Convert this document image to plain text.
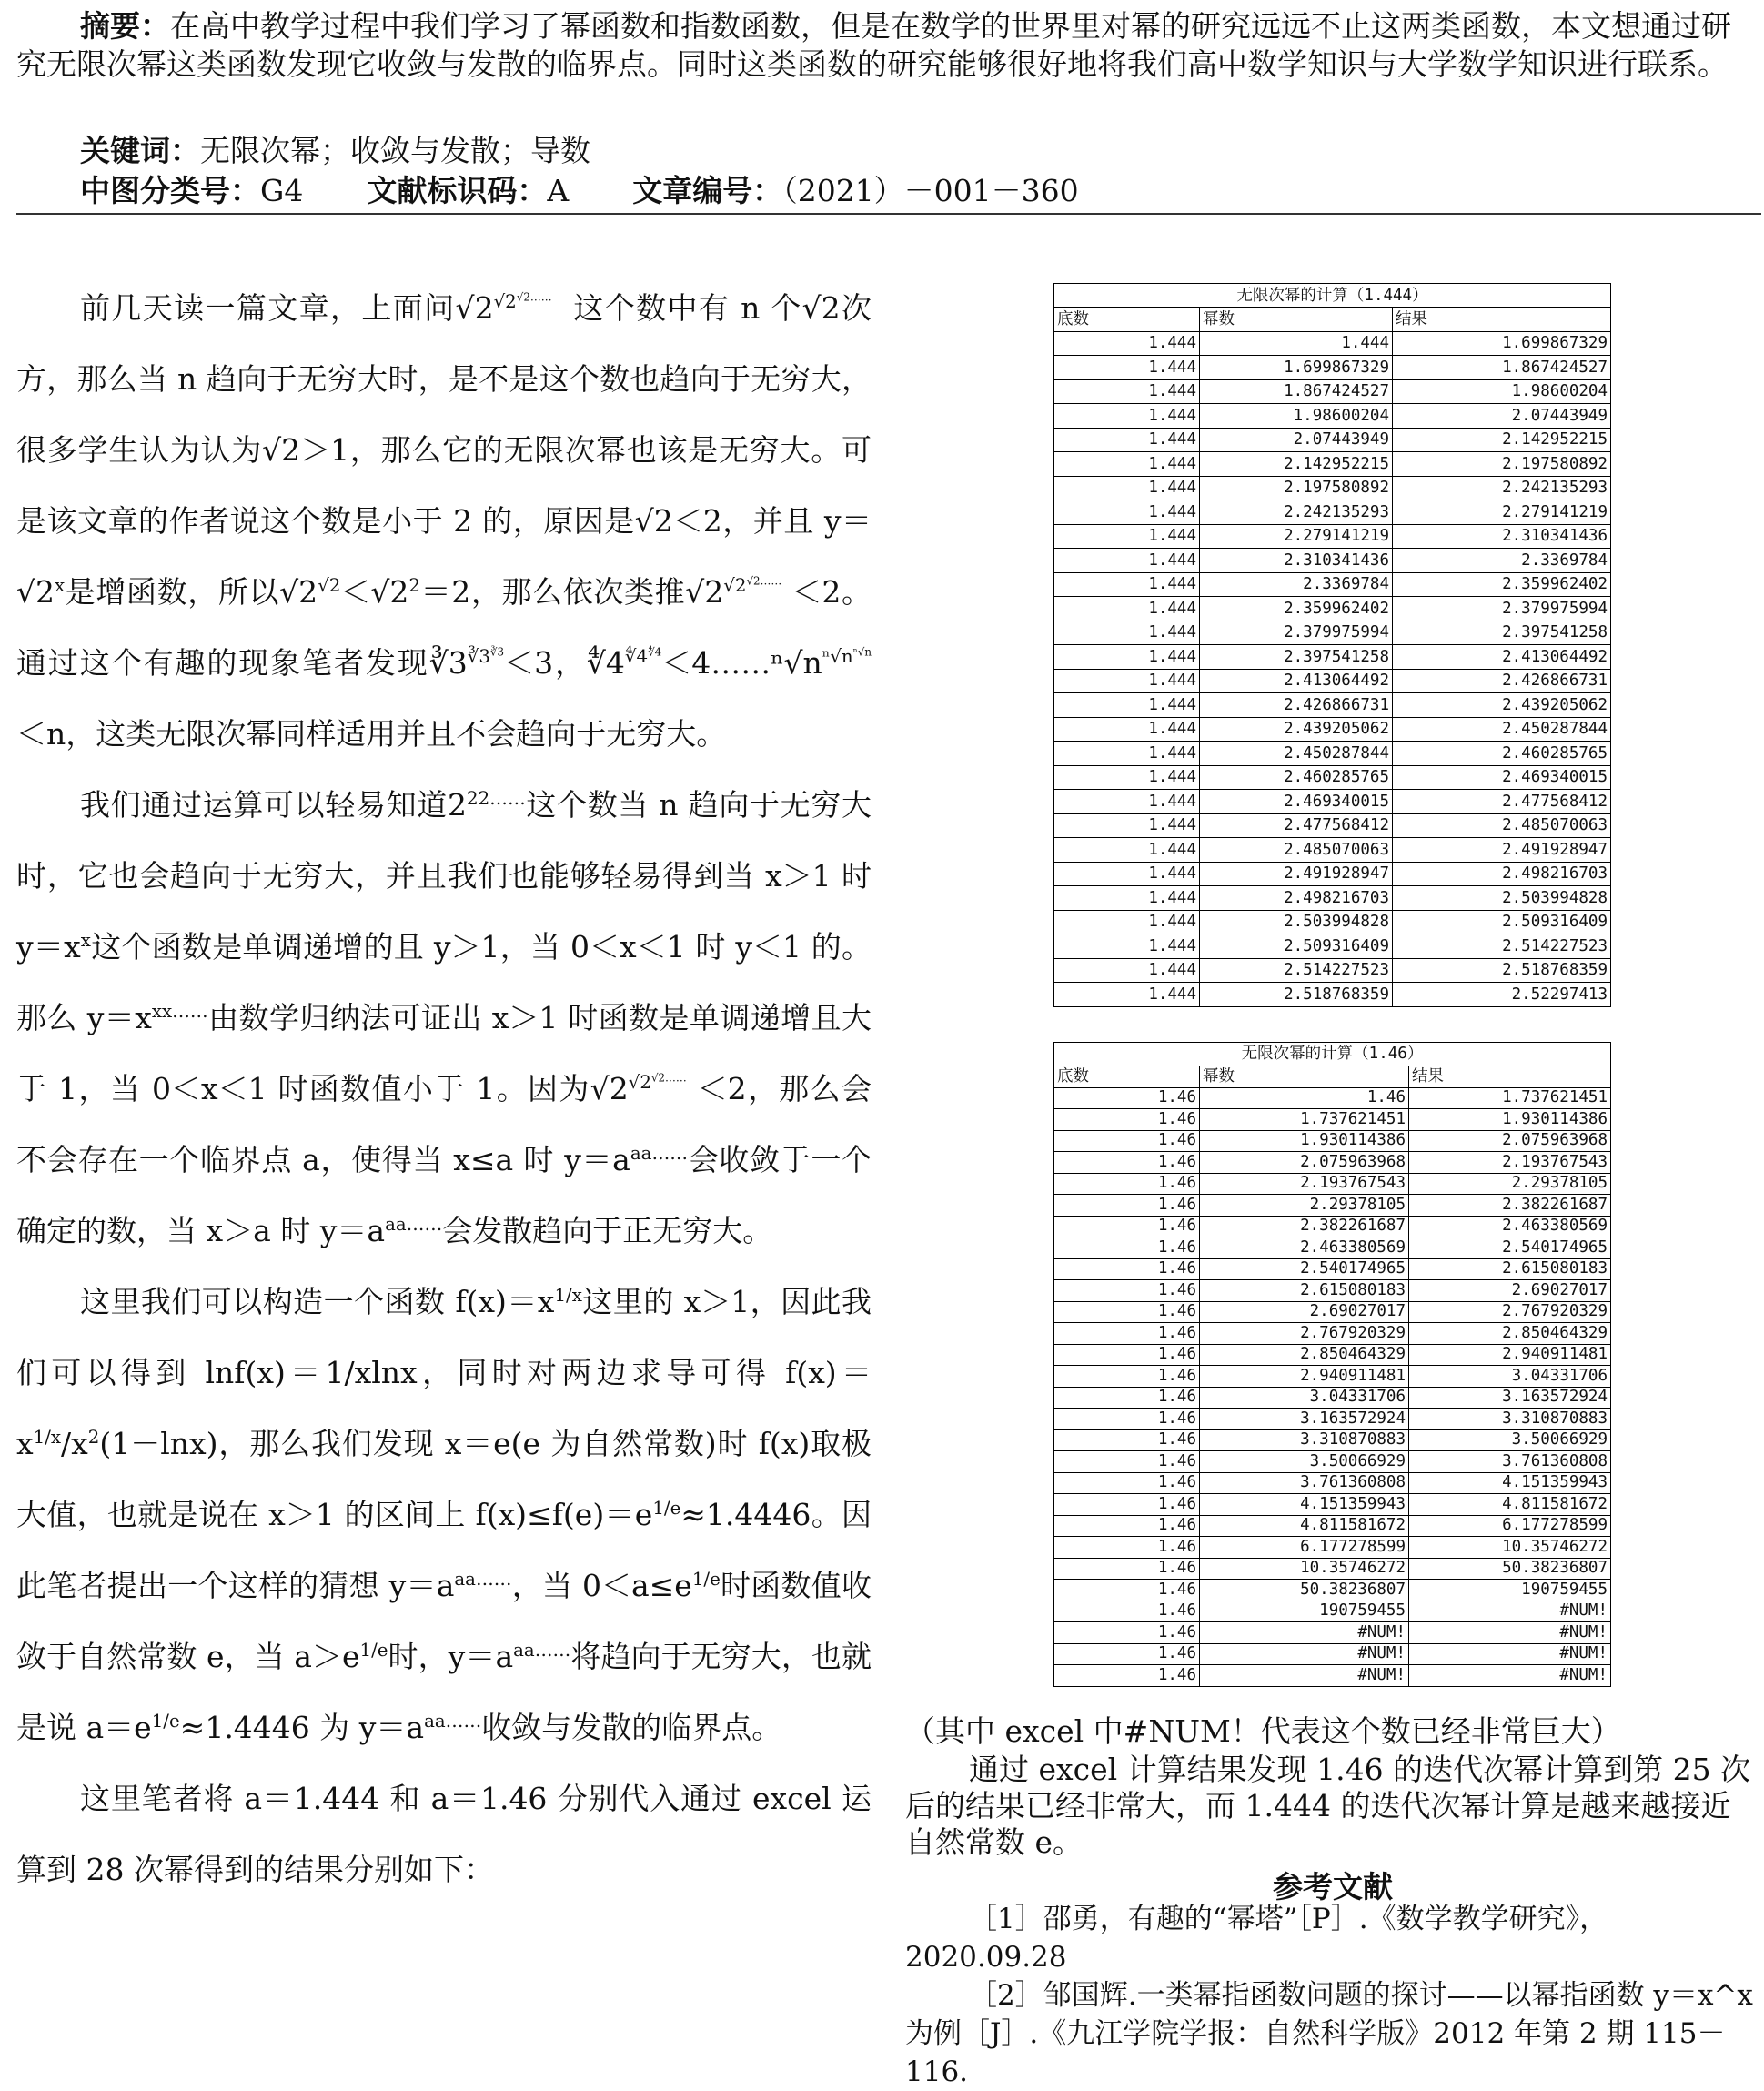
摘要：在高中教学过程中我们学习了幂函数和指数函数，但是在数学的世界里对幂的研究远远不止这两类函数，本文想通过研究无限次幂这类函数发现它收敛与发散的临界点。同时这类函数的研究能够很好地将我们高中数学知识与大学数学知识进行联系。
关键词：无限次幂；收敛与发散；导数
中图分类号：G4 文献标识码：A 文章编号：（2021）－001－360

前几天读一篇文章，上面问$√2^{√2^{√2\dots\dots}}$ 这个数中有 n 个√2次方，那么当 n 趋向于无穷大时，是不是这个数也趋向于无穷大，很多学生认为认为√2＞1，那么它的无限次幂也该是无穷大。可是该文章的作者说这个数是小于 2 的，原因是√2＜2，并且 $y=√2^x$是增函数，所以$√2^{√2}<√2^2=2$，那么依次类推$√2^{√2^{√2\dots\dots}} <2$。通过这个有趣的现象笔者发现$∛3^{∛3^{∛3}}<3$，$∜4^{∜4^{∜4}}<4\dots\dots^n√n^{^n√n^{^n√n}}<n$，这类无限次幂同样适用并且不会趋向于无穷大。

我们通过运算可以轻易知道$2^{22\dots\dots}$这个数当 n 趋向于无穷大时，它也会趋向于无穷大，并且我们也能够轻易得到当 x＞1 时 $y=x^x$这个函数是单调递增的且 y＞1，当 0＜x＜1 时 y＜1 的。那么 $y=x^{xx\dots\dots}$由数学归纳法可证出 x＞1 时函数是单调递增且大于 1，当 0＜x＜1 时函数值小于 1。因为$√2^{√2^{√2\dots\dots}} <2$，那么会不会存在一个临界点 a，使得当 x≤a 时 $y=a^{aa\dots\dots}$会收敛于一个确定的数，当 x＞a 时 $y=a^{aa\dots\dots}$会发散趋向于正无穷大。

这里我们可以构造一个函数 $f(x)=x^{1/x}$这里的 x＞1，因此我们可以得到 lnf(x)＝1/xlnx，同时对两边求导可得 $f(x)=x^{1/x}/x^2(1-\ln x)$，那么我们发现 x＝e(e 为自然常数)时 f(x)取极大值，也就是说在 x＞1 的区间上 $f(x)\le f(e)=e^{1/e}\approx 1.4446$。因此笔者提出一个这样的猜想 $y=a^{aa\dots\dots}$，当 $0<a\le e^{1/e}$时函数值收敛于自然常数 e，当 $a>e^{1/e}$时，$y=a^{aa\dots\dots}$将趋向于无穷大，也就是说 $a=e^{1/e}\approx 1.4446$ 为 $y=a^{aa\dots\dots}$收敛与发散的临界点。

这里笔者将 a＝1.444 和 a＝1.46 分别代入通过 excel 运算到 28 次幂得到的结果分别如下：

无限次幂的计算（1.444）		
底数	幂数	结果
1.444	1.444	1.699867329
1.444	1.699867329	1.867424527
1.444	1.867424527	1.98600204
1.444	1.98600204	2.07443949
1.444	2.07443949	2.142952215
1.444	2.142952215	2.197580892
1.444	2.197580892	2.242135293
1.444	2.242135293	2.279141219
1.444	2.279141219	2.310341436
1.444	2.310341436	2.3369784
1.444	2.3369784	2.359962402
1.444	2.359962402	2.379975994
1.444	2.379975994	2.397541258
1.444	2.397541258	2.413064492
1.444	2.413064492	2.426866731
1.444	2.426866731	2.439205062
1.444	2.439205062	2.450287844
1.444	2.450287844	2.460285765
1.444	2.460285765	2.469340015
1.444	2.469340015	2.477568412
1.444	2.477568412	2.485070063
1.444	2.485070063	2.491928947
1.444	2.491928947	2.498216703
1.444	2.498216703	2.503994828
1.444	2.503994828	2.509316409
1.444	2.509316409	2.514227523
1.444	2.514227523	2.518768359
1.444	2.518768359	2.52297413
无限次幂的计算（1.46）		
底数	幂数	结果
1.46	1.46	1.737621451
1.46	1.737621451	1.930114386
1.46	1.930114386	2.075963968
1.46	2.075963968	2.193767543
1.46	2.193767543	2.29378105
1.46	2.29378105	2.382261687
1.46	2.382261687	2.463380569
1.46	2.463380569	2.540174965
1.46	2.540174965	2.615080183
1.46	2.615080183	2.69027017
1.46	2.69027017	2.767920329
1.46	2.767920329	2.850464329
1.46	2.850464329	2.940911481
1.46	2.940911481	3.04331706
1.46	3.04331706	3.163572924
1.46	3.163572924	3.310870883
1.46	3.310870883	3.50066929
1.46	3.50066929	3.761360808
1.46	3.761360808	4.151359943
1.46	4.151359943	4.811581672
1.46	4.811581672	6.177278599
1.46	6.177278599	10.35746272
1.46	10.35746272	50.38236807
1.46	50.38236807	190759455
1.46	190759455	#NUM!
1.46	#NUM!	#NUM!
1.46	#NUM!	#NUM!
1.46	#NUM!	#NUM!
（其中 excel 中#NUM！代表这个数已经非常巨大）
通过 excel 计算结果发现 1.46 的迭代次幂计算到第 25 次后的结果已经非常大，而 1.444 的迭代次幂计算是越来越接近自然常数 e。
参考文献
［1］邵勇，有趣的“幂塔”［P］.《数学教学研究》，2020.09.28
［2］邹国辉.一类幂指函数问题的探讨——以幂指函数 y＝x^x 为例［J］.《九江学院学报：自然科学版》2012 年第 2 期 115－116.
